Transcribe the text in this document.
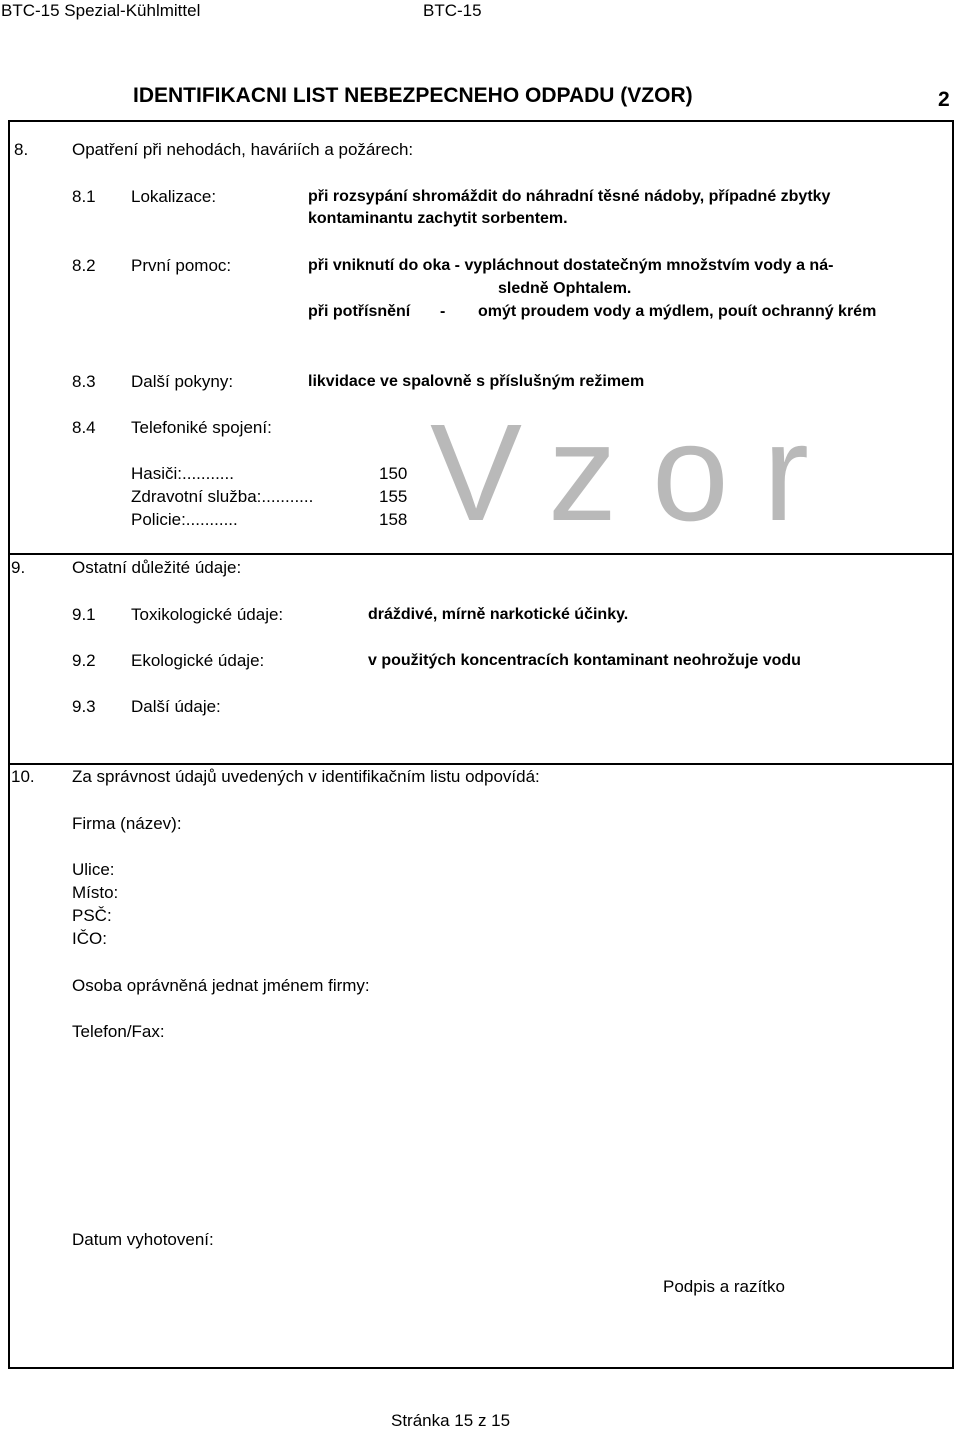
BTC-15 Spezial-Kühlmittel	BTC-15
IDENTIFIKACNI LIST NEBEZPECNEHO ODPADU (VZOR)	2
V z o r
8.	Opatření při nehodách, haváriích a požárech:
8.1 Lokalizace:	při rozsypání shromáždit do náhradní těsné nádoby, případné zbytky
kontaminantu zachytit sorbentem.
8.2 První pomoc:	při vniknutí do oka - vypláchnout dostatečným množstvím vody a ná-
sledně Ophtalem.
při potřísnění - omýt proudem vody a mýdlem, pouít ochranný krém
8.3 Další pokyny:	likvidace ve spalovně s příslušným režimem
8.4 Telefoniké spojení:
Hasiči:...........	150
Zdravotní služba:...........	155
Policie:...........	158
9.	Ostatní důležité údaje:
9.1 Toxikologické údaje:	dráždivé, mírně narkotické účinky.
9.2 Ekologické údaje:	v použitých koncentracích kontaminant neohrožuje vodu
9.3 Další údaje:
10. Za správnost údajů uvedených v identifikačním listu odpovídá:
Firma (název):
Ulice:
Místo:
PSČ:
IČO:
Osoba oprávněná jednat jménem firmy:
Telefon/Fax:
Datum vyhotovení:
Podpis a razítko
Stránka 15 z 15
